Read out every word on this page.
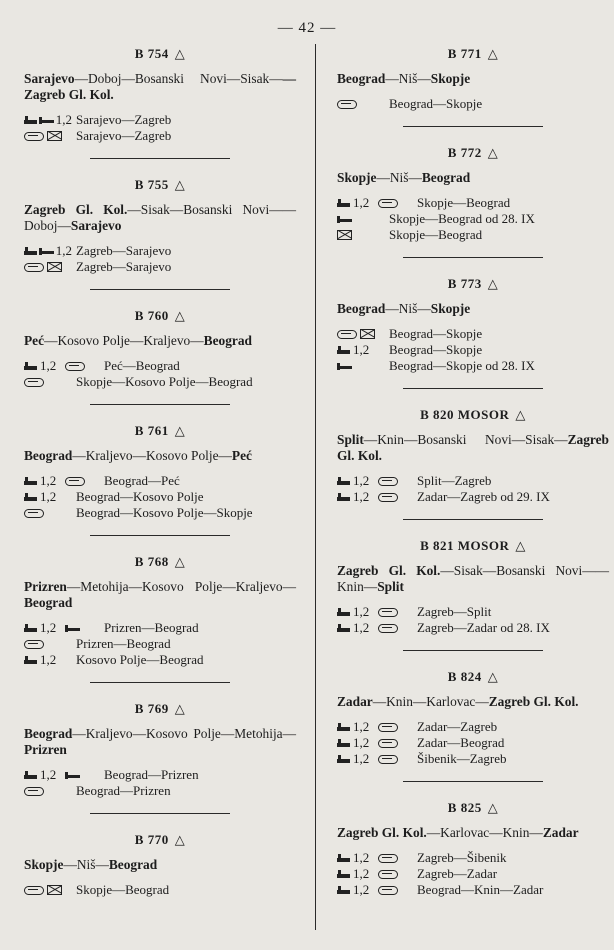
— 42 —
B 754 △
Sarajevo—Doboj—Bosanski Novi—Sisak——Zagreb Gl. Kol.
1,2 Sarajevo—Zagreb
Sarajevo—Zagreb
B 755 △
Zagreb Gl. Kol.—Sisak—Bosanski Novi——Doboj—Sarajevo
1,2 Zagreb—Sarajevo
Zagreb—Sarajevo
B 760 △
Peć—Kosovo Polje—Kraljevo—Beograd
1,2	Peć—Beograd
Skopje—Kosovo Polje—Beograd
B 761 △
Beograd—Kraljevo—Kosovo Polje—Peć
1,2	Beograd—Peć
1,2	Beograd—Kosovo Polje
Beograd—Kosovo Polje—Skopje
B 768 △
Prizren—Metohija—Kosovo Polje—Kraljevo—Beograd
1,2	Prizren—Beograd
Prizren—Beograd
1,2	Kosovo Polje—Beograd
B 769 △
Beograd—Kraljevo—Kosovo Polje—Metohija—Prizren
1,2	Beograd—Prizren
Beograd—Prizren
B 770 △
Skopje—Niš—Beograd
Skopje—Beograd
B 771 △
Beograd—Niš—Skopje
Beograd—Skopje
B 772 △
Skopje—Niš—Beograd
1,2	Skopje—Beograd
Skopje—Beograd od 28. IX
Skopje—Beograd
B 773 △
Beograd—Niš—Skopje
Beograd—Skopje
1,2	Beograd—Skopje
Beograd—Skopje od 28. IX
B 820 MOSOR △
Split—Knin—Bosanski Novi—Sisak—Zagreb Gl. Kol.
1,2	Split—Zagreb
1,2	Zadar—Zagreb od 29. IX
B 821 MOSOR △
Zagreb Gl. Kol.—Sisak—Bosanski Novi——Knin—Split
1,2	Zagreb—Split
1,2	Zagreb—Zadar od 28. IX
B 824 △
Zadar—Knin—Karlovac—Zagreb Gl. Kol.
1,2	Zadar—Zagreb
1,2	Zadar—Beograd
1,2	Šibenik—Zagreb
B 825 △
Zagreb Gl. Kol.—Karlovac—Knin—Zadar
1,2	Zagreb—Šibenik
1,2	Zagreb—Zadar
1,2	Beograd—Knin—Zadar
